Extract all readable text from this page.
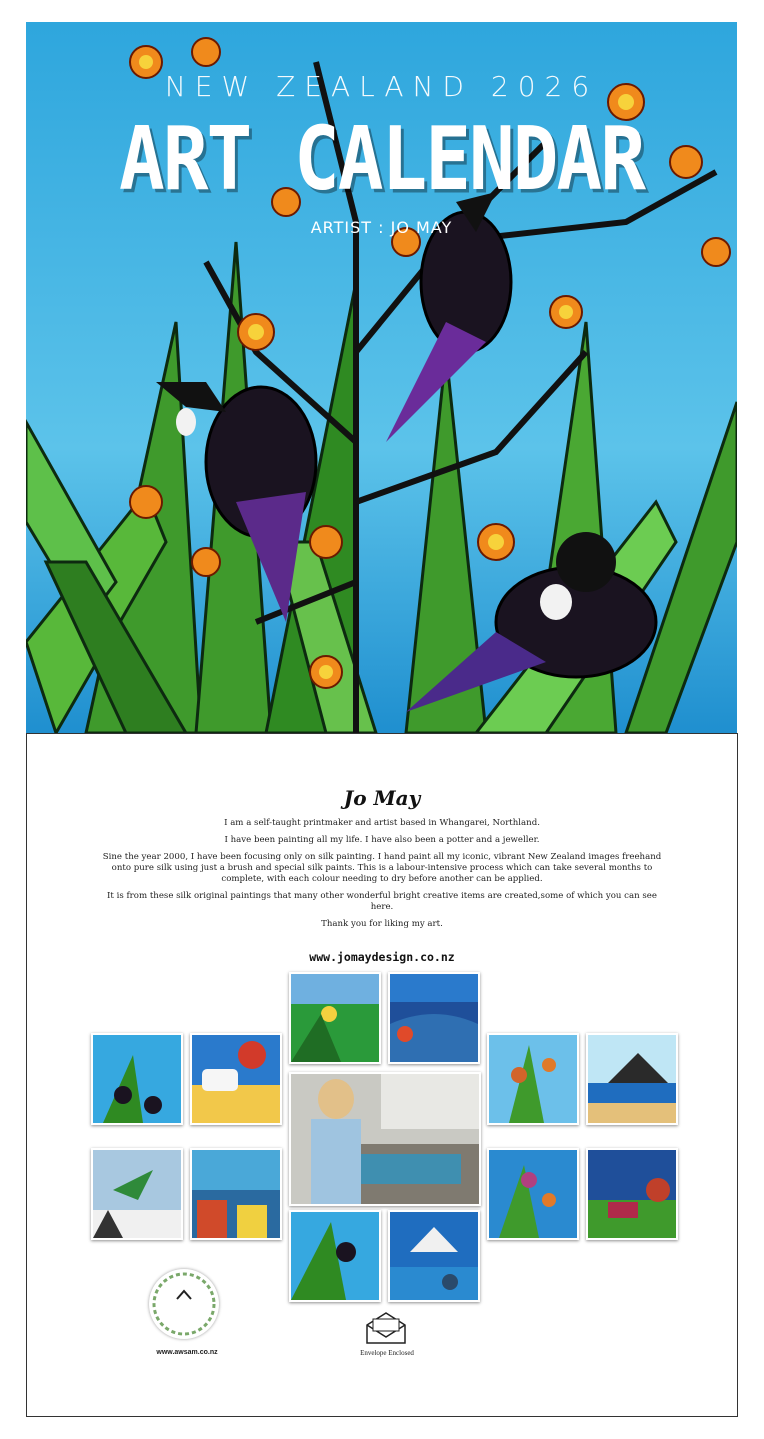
NEW ZEALAND 2026
ART CALENDAR
ARTIST : JO MAY
Jo May

I am a self-taught printmaker and artist based in Whangarei, Northland.

I have been painting all my life. I have also been a potter and a jeweller.

Sine the year 2000, I have been focusing only on silk painting. I hand paint all my iconic, vibrant New Zealand images freehand onto pure silk using just a brush and special silk paints. This is a labour-intensive process which can take several months to complete, with each colour needing to dry before another can be applied.

It is from these silk original paintings that many other wonderful bright creative items are created,some of which you can see here.

Thank you for liking my art.

www.jomaydesign.co.nz
www.awsam.co.nz	Envelope Enclosed
